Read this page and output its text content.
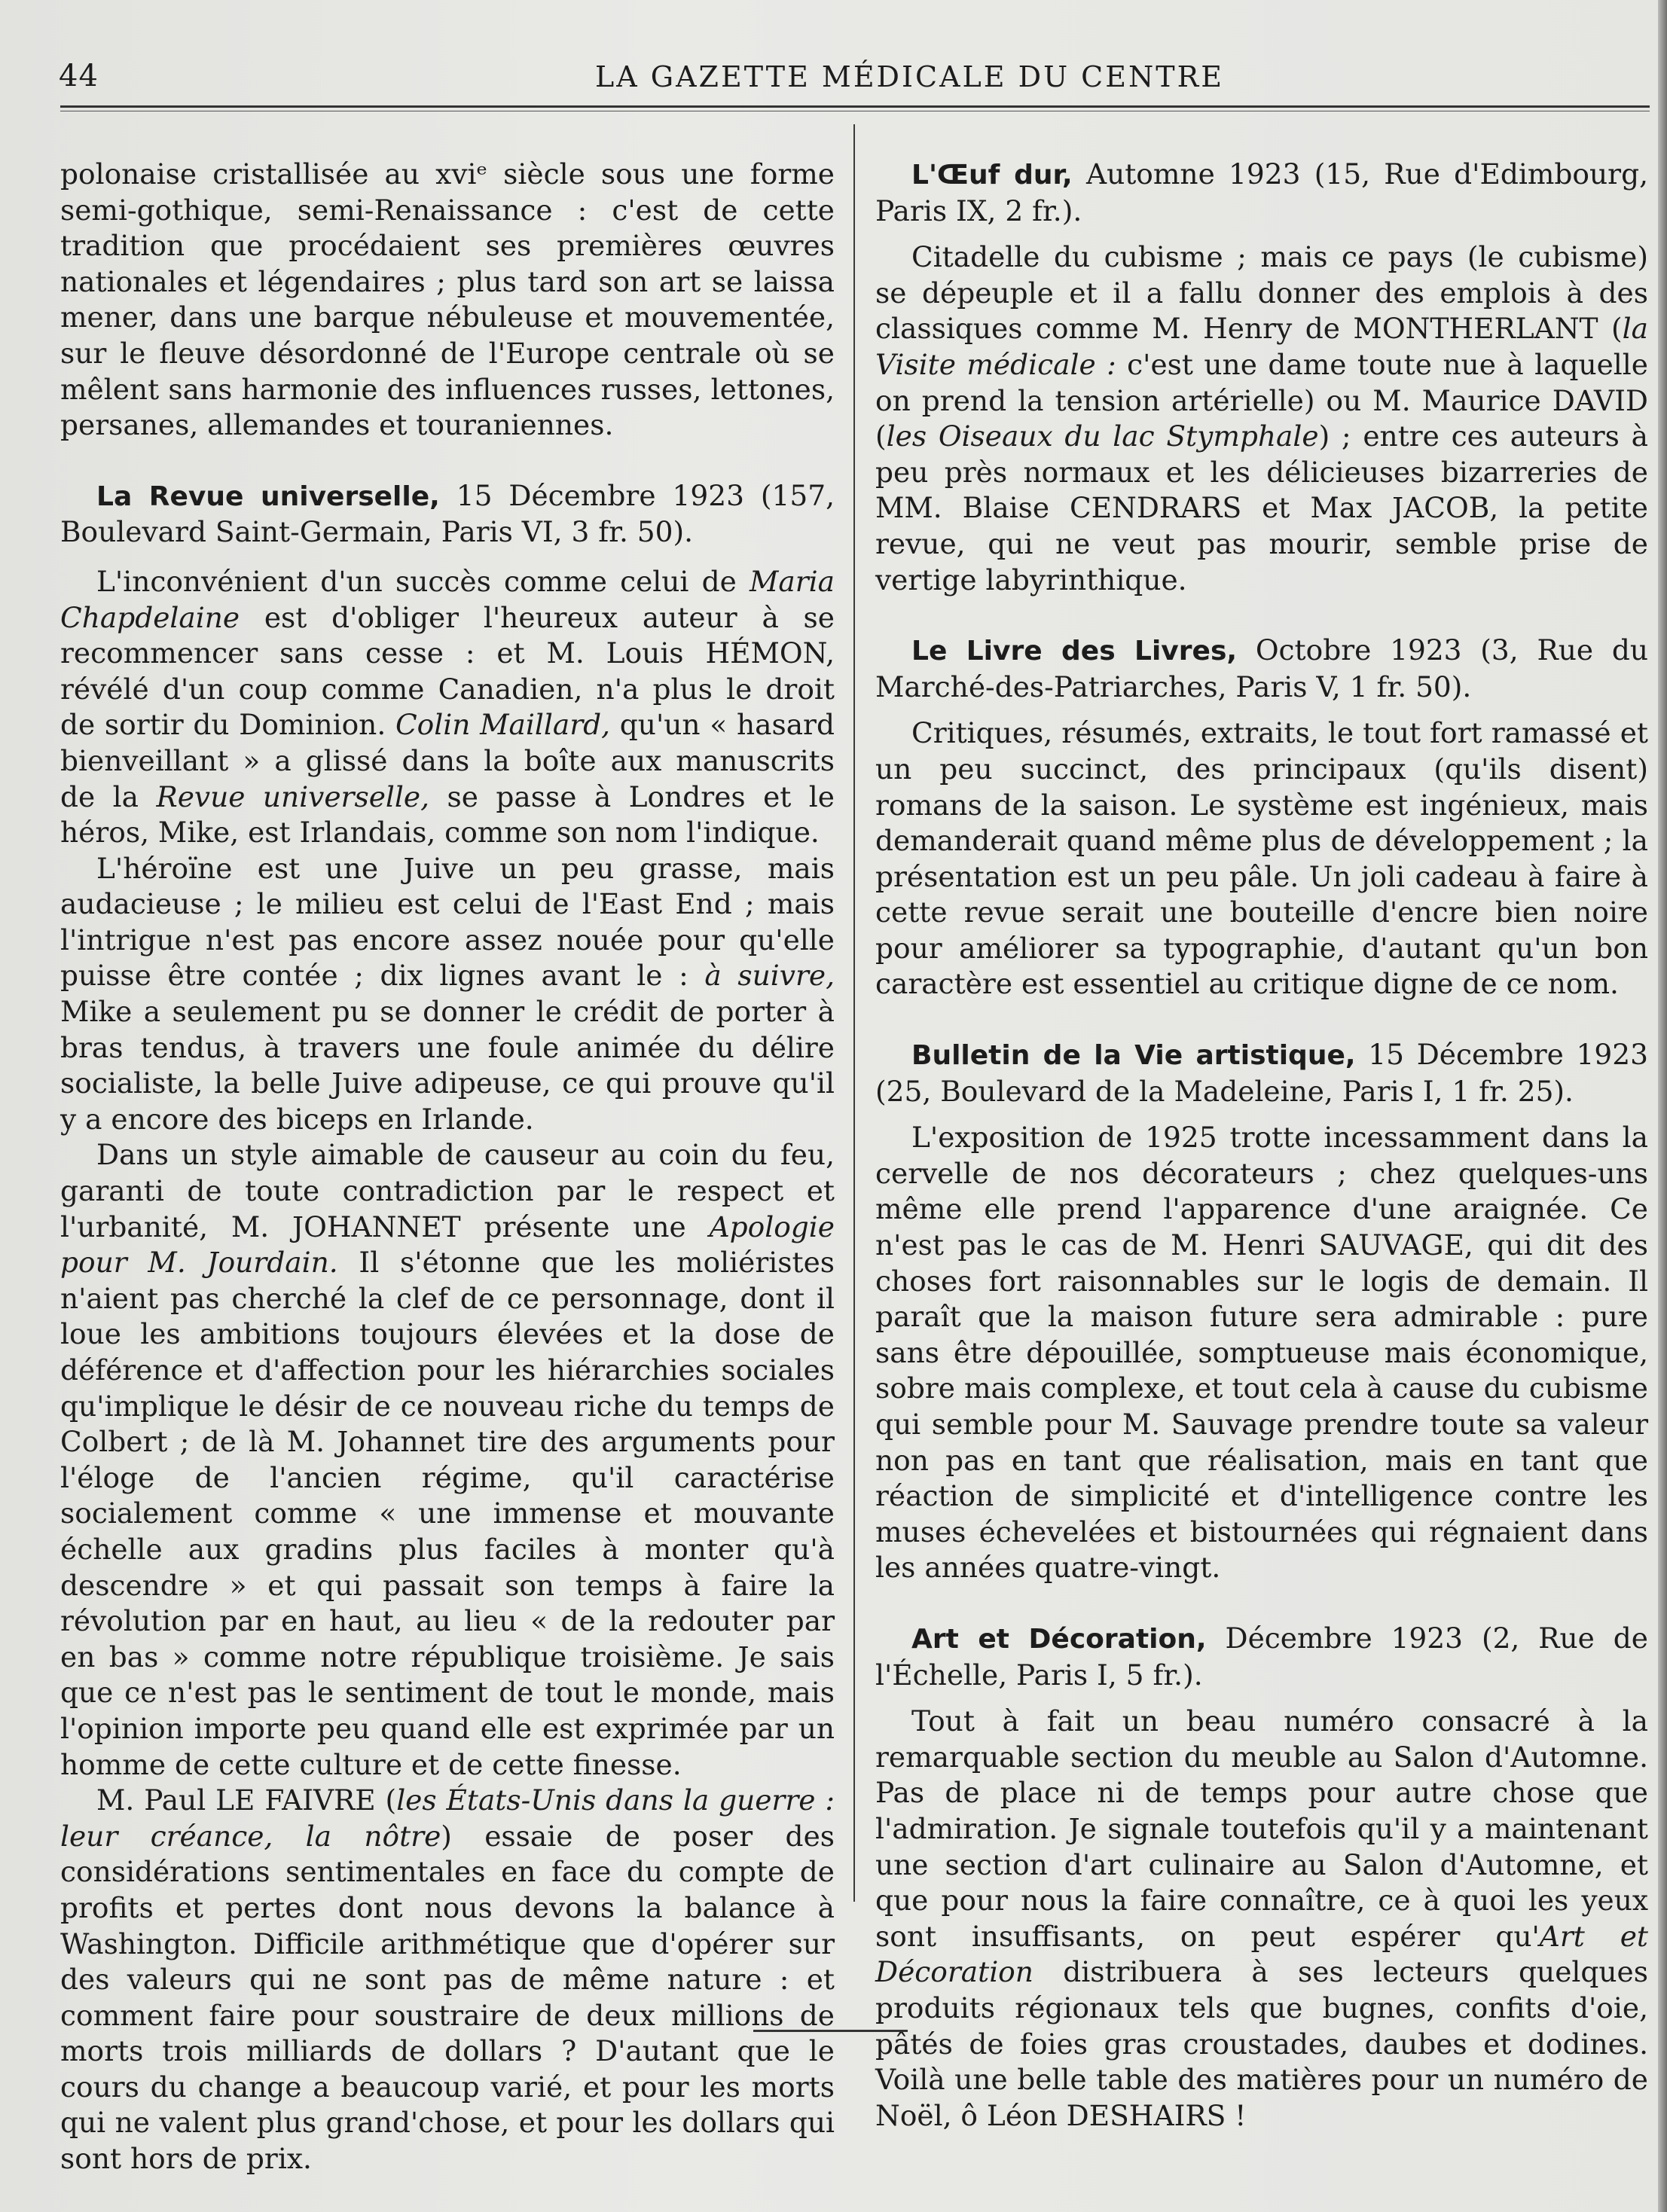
44	LA GAZETTE MÉDICALE DU CENTRE

polonaise cristallisée au xviᵉ siècle sous une forme semi-gothique, semi-Renaissance : c'est de cette tradition que procédaient ses premières œuvres nationales et légendaires ; plus tard son art se laissa mener, dans une barque nébuleuse et mouvementée, sur le fleuve désordonné de l'Europe centrale où se mêlent sans harmonie des influences russes, lettones, persanes, allemandes et touraniennes.

La Revue universelle, 15 Décembre 1923 (157, Boulevard Saint-Germain, Paris VI, 3 fr. 50).

L'inconvénient d'un succès comme celui de Maria Chapdelaine est d'obliger l'heureux auteur à se recommencer sans cesse : et M. Louis HÉMON, révélé d'un coup comme Canadien, n'a plus le droit de sortir du Dominion. Colin Maillard, qu'un « hasard bienveillant » a glissé dans la boîte aux manuscrits de la Revue universelle, se passe à Londres et le héros, Mike, est Irlandais, comme son nom l'indique.

L'héroïne est une Juive un peu grasse, mais audacieuse ; le milieu est celui de l'East End ; mais l'intrigue n'est pas encore assez nouée pour qu'elle puisse être contée ; dix lignes avant le : à suivre, Mike a seulement pu se donner le crédit de porter à bras tendus, à travers une foule animée du délire socialiste, la belle Juive adipeuse, ce qui prouve qu'il y a encore des biceps en Irlande.

Dans un style aimable de causeur au coin du feu, garanti de toute contradiction par le respect et l'urbanité, M. JOHANNET présente une Apologie pour M. Jourdain. Il s'étonne que les moliéristes n'aient pas cherché la clef de ce personnage, dont il loue les ambitions toujours élevées et la dose de déférence et d'affection pour les hiérarchies sociales qu'implique le désir de ce nouveau riche du temps de Colbert ; de là M. Johannet tire des arguments pour l'éloge de l'ancien régime, qu'il caractérise socialement comme « une immense et mouvante échelle aux gradins plus faciles à monter qu'à descendre » et qui passait son temps à faire la révolution par en haut, au lieu « de la redouter par en bas » comme notre république troisième. Je sais que ce n'est pas le sentiment de tout le monde, mais l'opinion importe peu quand elle est exprimée par un homme de cette culture et de cette finesse.

M. Paul LE FAIVRE (les États-Unis dans la guerre : leur créance, la nôtre) essaie de poser des considérations sentimentales en face du compte de profits et pertes dont nous devons la balance à Washington. Difficile arithmétique que d'opérer sur des valeurs qui ne sont pas de même nature : et comment faire pour soustraire de deux millions de morts trois milliards de dollars ? D'autant que le cours du change a beaucoup varié, et pour les morts qui ne valent plus grand'chose, et pour les dollars qui sont hors de prix.

L'Œuf dur, Automne 1923 (15, Rue d'Edimbourg, Paris IX, 2 fr.).

Citadelle du cubisme ; mais ce pays (le cubisme) se dépeuple et il a fallu donner des emplois à des classiques comme M. Henry de MONTHERLANT (la Visite médicale : c'est une dame toute nue à laquelle on prend la tension artérielle) ou M. Maurice DAVID (les Oiseaux du lac Stymphale) ; entre ces auteurs à peu près normaux et les délicieuses bizarreries de MM. Blaise CENDRARS et Max JACOB, la petite revue, qui ne veut pas mourir, semble prise de vertige labyrinthique.

Le Livre des Livres, Octobre 1923 (3, Rue du Marché-des-Patriarches, Paris V, 1 fr. 50).

Critiques, résumés, extraits, le tout fort ramassé et un peu succinct, des principaux (qu'ils disent) romans de la saison. Le système est ingénieux, mais demanderait quand même plus de développement ; la présentation est un peu pâle. Un joli cadeau à faire à cette revue serait une bouteille d'encre bien noire pour améliorer sa typographie, d'autant qu'un bon caractère est essentiel au critique digne de ce nom.

Bulletin de la Vie artistique, 15 Décembre 1923 (25, Boulevard de la Madeleine, Paris I, 1 fr. 25).

L'exposition de 1925 trotte incessamment dans la cervelle de nos décorateurs ; chez quelques-uns même elle prend l'apparence d'une araignée. Ce n'est pas le cas de M. Henri SAUVAGE, qui dit des choses fort raisonnables sur le logis de demain. Il paraît que la maison future sera admirable : pure sans être dépouillée, somptueuse mais économique, sobre mais complexe, et tout cela à cause du cubisme qui semble pour M. Sauvage prendre toute sa valeur non pas en tant que réalisation, mais en tant que réaction de simplicité et d'intelligence contre les muses échevelées et bistournées qui régnaient dans les années quatre-vingt.

Art et Décoration, Décembre 1923 (2, Rue de l'Échelle, Paris I, 5 fr.).

Tout à fait un beau numéro consacré à la remarquable section du meuble au Salon d'Automne. Pas de place ni de temps pour autre chose que l'admiration. Je signale toutefois qu'il y a maintenant une section d'art culinaire au Salon d'Automne, et que pour nous la faire connaître, ce à quoi les yeux sont insuffisants, on peut espérer qu'Art et Décoration distribuera à ses lecteurs quelques produits régionaux tels que bugnes, confits d'oie, pâtés de foies gras croustades, daubes et dodines. Voilà une belle table des matières pour un numéro de Noël, ô Léon DESHAIRS !
